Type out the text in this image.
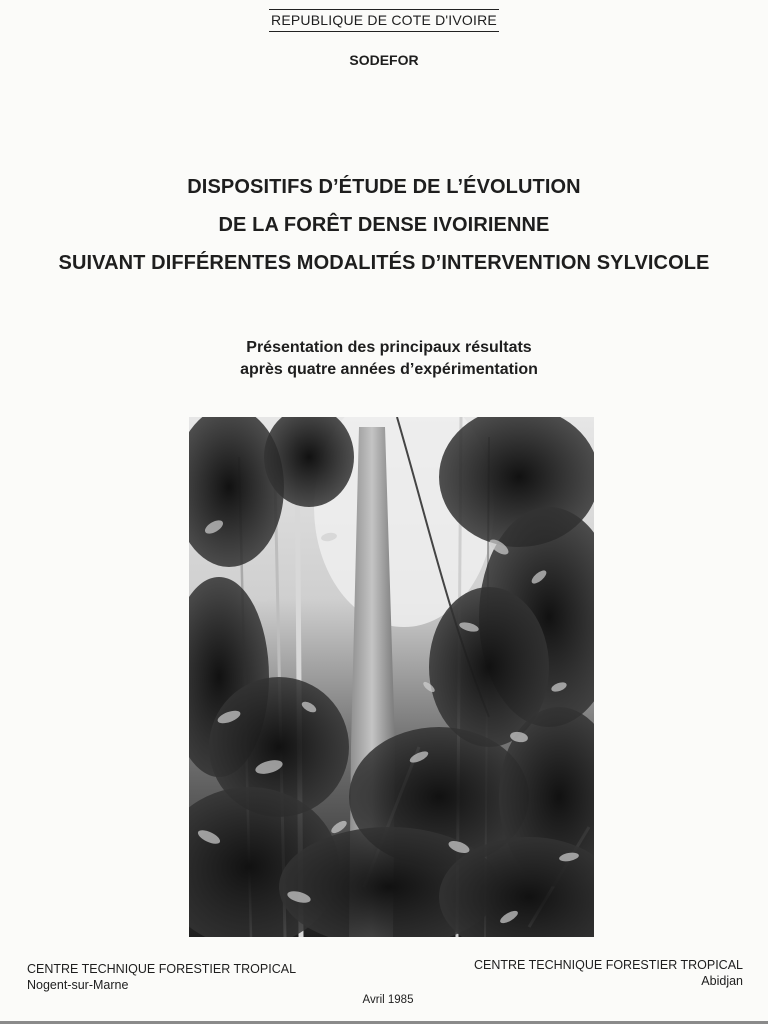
REPUBLIQUE DE COTE D'IVOIRE
SODEFOR
DISPOSITIFS D’ÉTUDE DE L’ÉVOLUTION
DE LA FORÊT DENSE IVOIRIENNE
SUIVANT DIFFÉRENTES MODALITÉS D’INTERVENTION SYLVICOLE
Présentation des principaux résultats
après quatre années d’expérimentation
CENTRE TECHNIQUE FORESTIER TROPICAL
Nogent-sur-Marne
CENTRE TECHNIQUE FORESTIER TROPICAL
Abidjan
Avril 1985
